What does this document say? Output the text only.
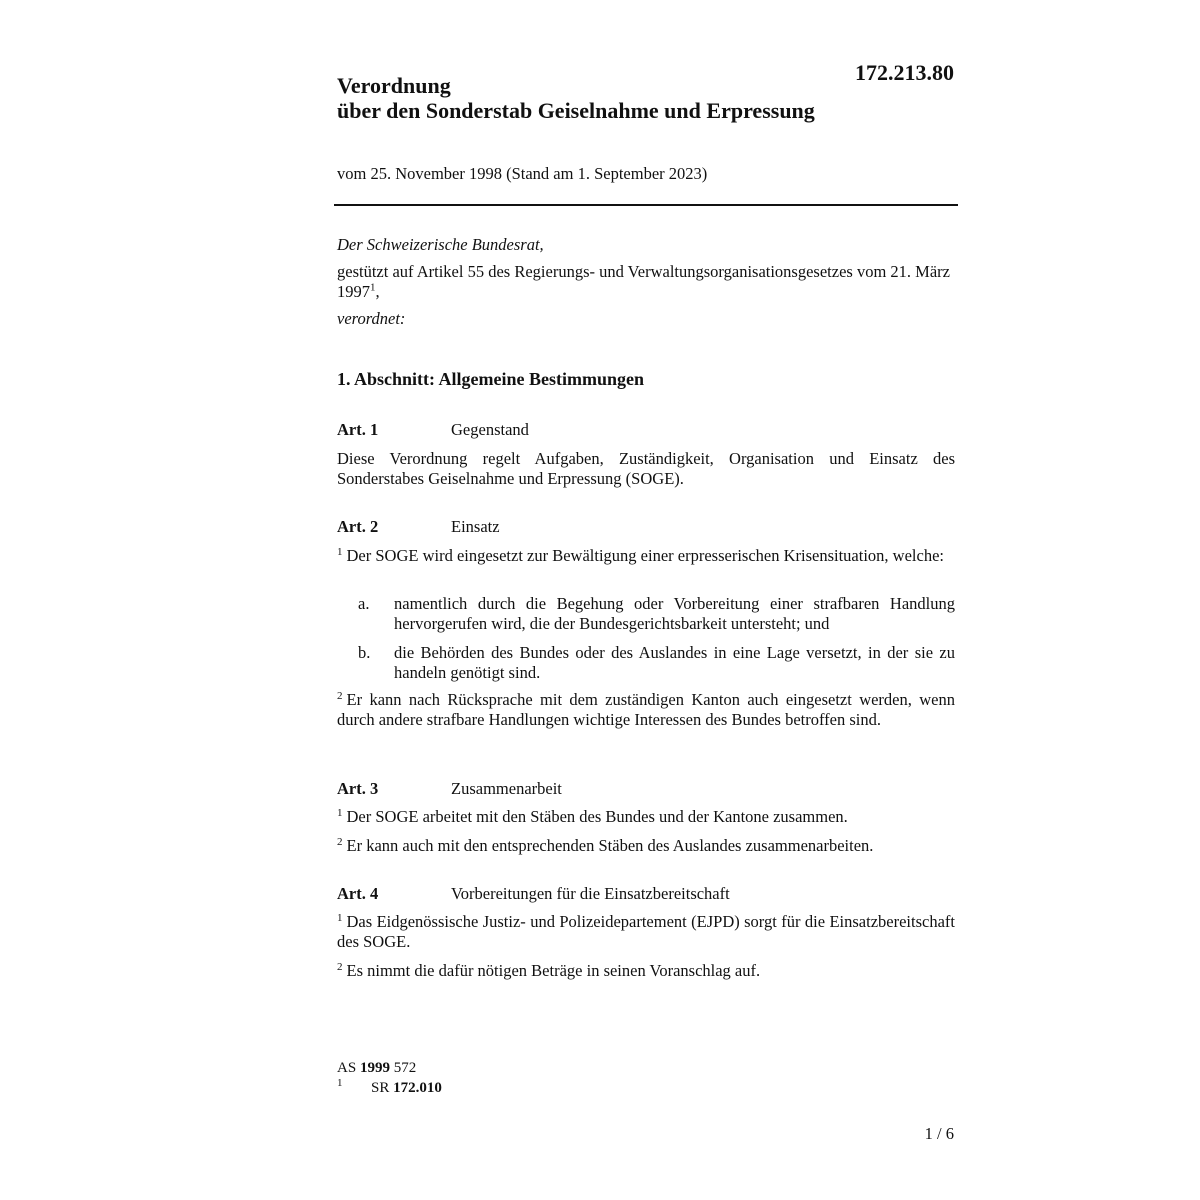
172.213.80

Verordnung
über den Sonderstab Geiselnahme und Erpressung

vom 25. November 1998 (Stand am 1. September 2023)

Der Schweizerische Bundesrat,

gestützt auf Artikel 55 des Regierungs- und Verwaltungsorganisationsgesetzes vom 21. März 1997$^1$,

verordnet:

1. Abschnitt: Allgemeine Bestimmungen

Art. 1	Gegenstand

Diese Verordnung regelt Aufgaben, Zuständigkeit, Organisation und Einsatz des Sonderstabes Geiselnahme und Erpressung (SOGE).

Art. 2	Einsatz

$^1$ Der SOGE wird eingesetzt zur Bewältigung einer erpresserischen Krisensituation, welche:

a. namentlich durch die Begehung oder Vorbereitung einer strafbaren Handlung hervorgerufen wird, die der Bundesgerichtsbarkeit untersteht; und
b. die Behörden des Bundes oder des Auslandes in eine Lage versetzt, in der sie zu handeln genötigt sind.

$^2$ Er kann nach Rücksprache mit dem zuständigen Kanton auch eingesetzt werden, wenn durch andere strafbare Handlungen wichtige Interessen des Bundes betroffen sind.

Art. 3	Zusammenarbeit

$^1$ Der SOGE arbeitet mit den Stäben des Bundes und der Kantone zusammen.

$^2$ Er kann auch mit den entsprechenden Stäben des Auslandes zusammenarbeiten.

Art. 4	Vorbereitungen für die Einsatzbereitschaft

$^1$ Das Eidgenössische Justiz- und Polizeidepartement (EJPD) sorgt für die Einsatzbereitschaft des SOGE.

$^2$ Es nimmt die dafür nötigen Beträge in seinen Voranschlag auf.

AS 1999 572

1 SR 172.010

1 / 6
